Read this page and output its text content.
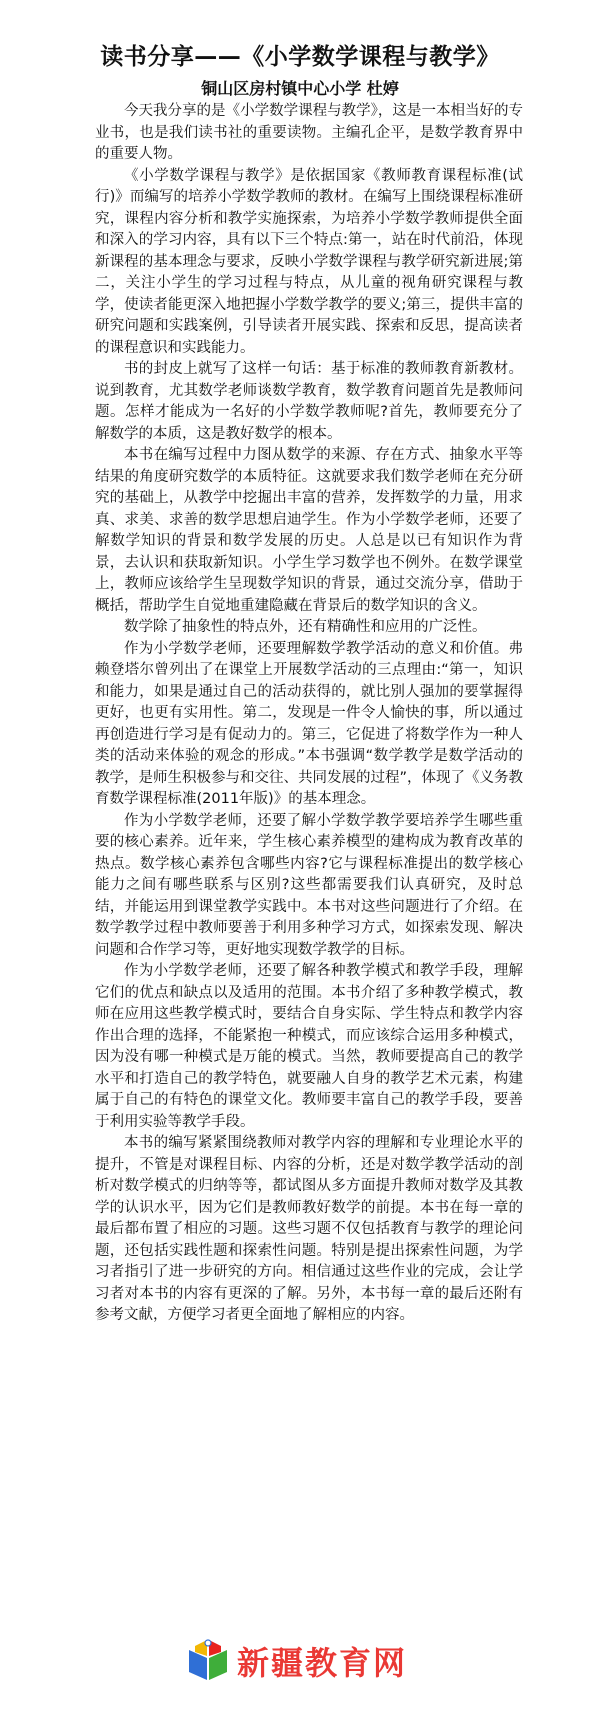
读书分享——《小学数学课程与教学》
铜山区房村镇中心小学 杜婷

今天我分享的是《小学数学课程与教学》，这是一本相当好的专业书，也是我们读书社的重要读物。主编孔企平，是数学教育界中的重要人物。

《小学数学课程与教学》是依据国家《教师教育课程标准(试行)》而编写的培养小学数学教师的教材。在编写上围绕课程标准研究，课程内容分析和教学实施探索，为培养小学数学教师提供全面和深入的学习内容，具有以下三个特点:第一，站在时代前沿，体现新课程的基本理念与要求，反映小学数学课程与教学研究新进展;第二，关注小学生的学习过程与特点，从儿童的视角研究课程与教学，使读者能更深入地把握小学数学教学的要义;第三，提供丰富的研究问题和实践案例，引导读者开展实践、探索和反思，提高读者的课程意识和实践能力。

书的封皮上就写了这样一句话：基于标准的教师教育新教材。说到教育，尤其数学老师谈数学教育，数学教育问题首先是教师问题。怎样才能成为一名好的小学数学教师呢?首先，教师要充分了解数学的本质，这是教好数学的根本。

本书在编写过程中力图从数学的来源、存在方式、抽象水平等结果的角度研究数学的本质特征。这就要求我们数学老师在充分研究的基础上，从教学中挖掘出丰富的营养，发挥数学的力量，用求真、求美、求善的数学思想启迪学生。作为小学数学老师，还要了解数学知识的背景和数学发展的历史。人总是以已有知识作为背景，去认识和获取新知识。小学生学习数学也不例外。在数学课堂上，教师应该给学生呈现数学知识的背景，通过交流分享，借助于概括，帮助学生自觉地重建隐藏在背景后的数学知识的含义。

数学除了抽象性的特点外，还有精确性和应用的广泛性。

作为小学数学老师，还要理解数学教学活动的意义和价值。弗赖登塔尔曾列出了在课堂上开展数学活动的三点理由:“第一，知识和能力，如果是通过自己的活动获得的，就比别人强加的要掌握得更好，也更有实用性。第二，发现是一件令人愉快的事，所以通过再创造进行学习是有促动力的。第三，它促进了将数学作为一种人类的活动来体验的观念的形成。”本书强调“数学教学是数学活动的教学，是师生积极参与和交往、共同发展的过程”，体现了《义务教育数学课程标准(2011年版)》的基本理念。

作为小学数学老师，还要了解小学数学教学要培养学生哪些重要的核心素养。近年来，学生核心素养模型的建构成为教育改革的热点。数学核心素养包含哪些内容?它与课程标准提出的数学核心能力之间有哪些联系与区别?这些都需要我们认真研究，及时总结，并能运用到课堂教学实践中。本书对这些问题进行了介绍。在数学教学过程中教师要善于利用多种学习方式，如探索发现、解决问题和合作学习等，更好地实现数学教学的目标。

作为小学数学老师，还要了解各种教学模式和教学手段，理解它们的优点和缺点以及适用的范围。本书介绍了多种教学模式，教师在应用这些教学模式时，要结合自身实际、学生特点和教学内容作出合理的选择，不能紧抱一种模式，而应该综合运用多种模式，因为没有哪一种模式是万能的模式。当然，教师要提高自己的教学水平和打造自己的教学特色，就要融人自身的教学艺术元素，构建属于自己的有特色的课堂文化。教师要丰富自己的教学手段，要善于利用实验等教学手段。

本书的编写紧紧围绕教师对教学内容的理解和专业理论水平的提升，不管是对课程目标、内容的分析，还是对数学教学活动的剖析对数学模式的归纳等等，都试图从多方面提升教师对数学及其教学的认识水平，因为它们是教师教好数学的前提。本书在每一章的最后都布置了相应的习题。这些习题不仅包括教育与教学的理论问题，还包括实践性题和探索性问题。特别是提出探索性问题，为学习者指引了进一步研究的方向。相信通过这些作业的完成，会让学习者对本书的内容有更深的了解。另外，本书每一章的最后还附有参考文献，方便学习者更全面地了解相应的内容。

新疆教育网
